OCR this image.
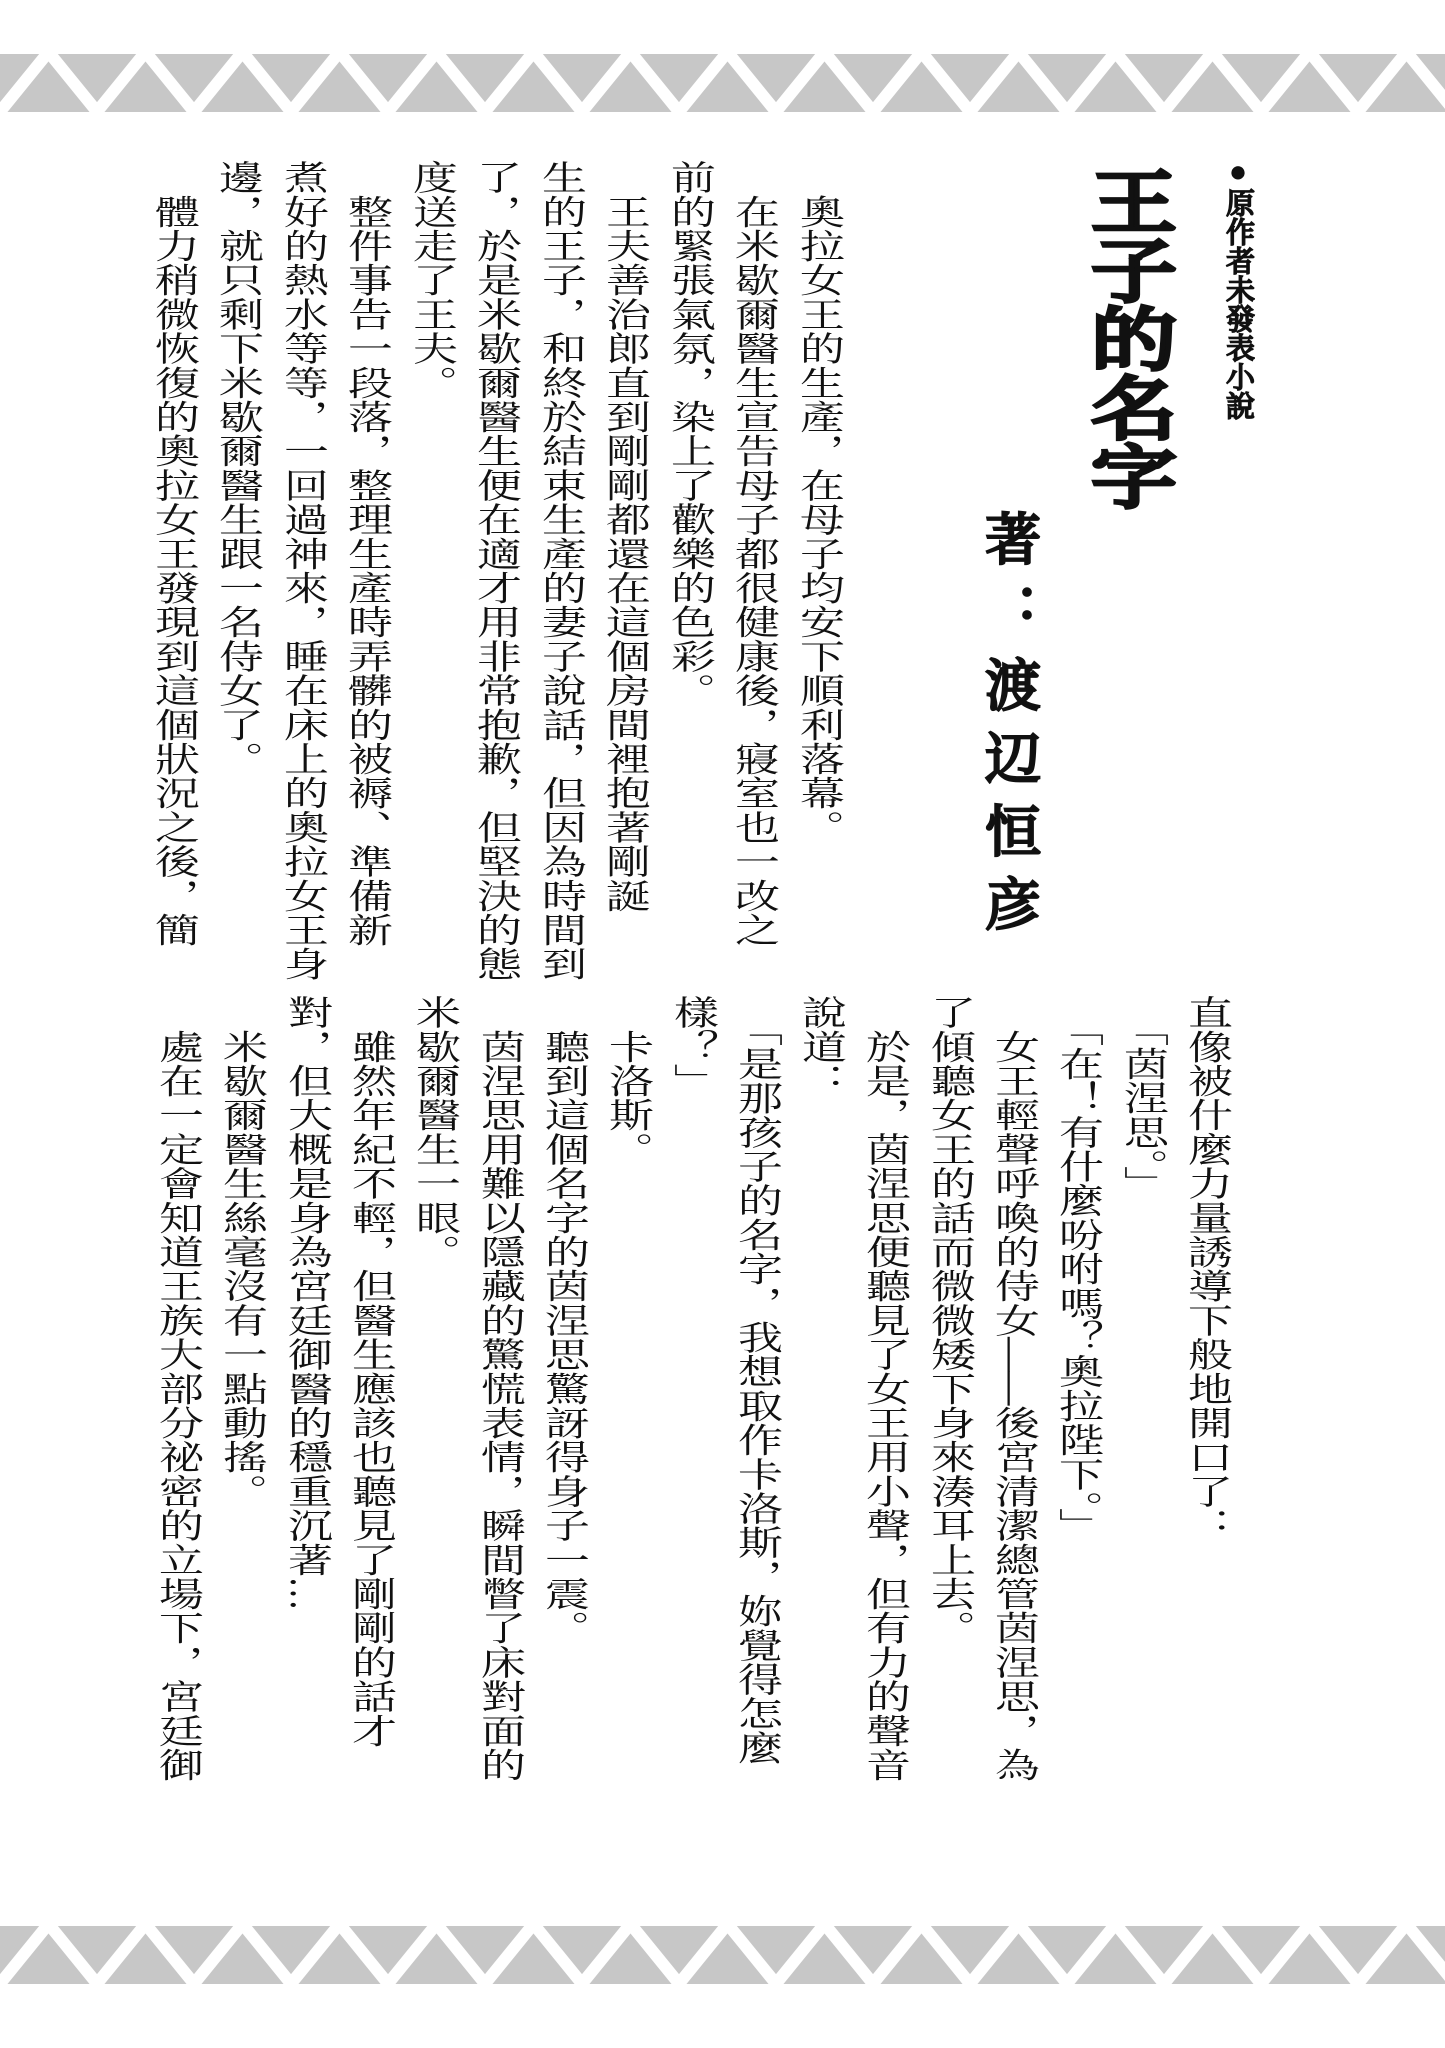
●原作者未發表小說
王子的名字
著：渡辺恒彦
　奧拉女王的生產，在母子均安下順利落幕。
　在米歇爾醫生宣告母子都很健康後，寢室也一改之
前的緊張氣氛，染上了歡樂的色彩。
　王夫善治郎直到剛剛都還在這個房間裡抱著剛誕
生的王子，和終於結束生產的妻子說話，但因為時間到
了，於是米歇爾醫生便在適才用非常抱歉，但堅決的態
度送走了王夫。
　整件事告一段落，整理生產時弄髒的被褥、準備新
煮好的熱水等等，一回過神來，睡在床上的奧拉女王身
邊，就只剩下米歇爾醫生跟一名侍女了。
　體力稍微恢復的奧拉女王發現到這個狀況之後，簡
直像被什麼力量誘導下般地開口了：
　「茵涅思。」
　「在！有什麼吩咐嗎？奧拉陛下。」
　女王輕聲呼喚的侍女——後宮清潔總管茵涅思，為
了傾聽女王的話而微微矮下身來湊耳上去。
　於是，茵涅思便聽見了女王用小聲，但有力的聲音
說道：
　「是那孩子的名字，我想取作卡洛斯，妳覺得怎麼
樣？」
　卡洛斯。
　聽到這個名字的茵涅思驚訝得身子一震。
　茵涅思用難以隱藏的驚慌表情，瞬間瞥了床對面的
米歇爾醫生一眼。
　雖然年紀不輕，但醫生應該也聽見了剛剛的話才
對，但大概是身為宮廷御醫的穩重沉著…
　米歇爾醫生絲毫沒有一點動搖。
　處在一定會知道王族大部分祕密的立場下，宮廷御
